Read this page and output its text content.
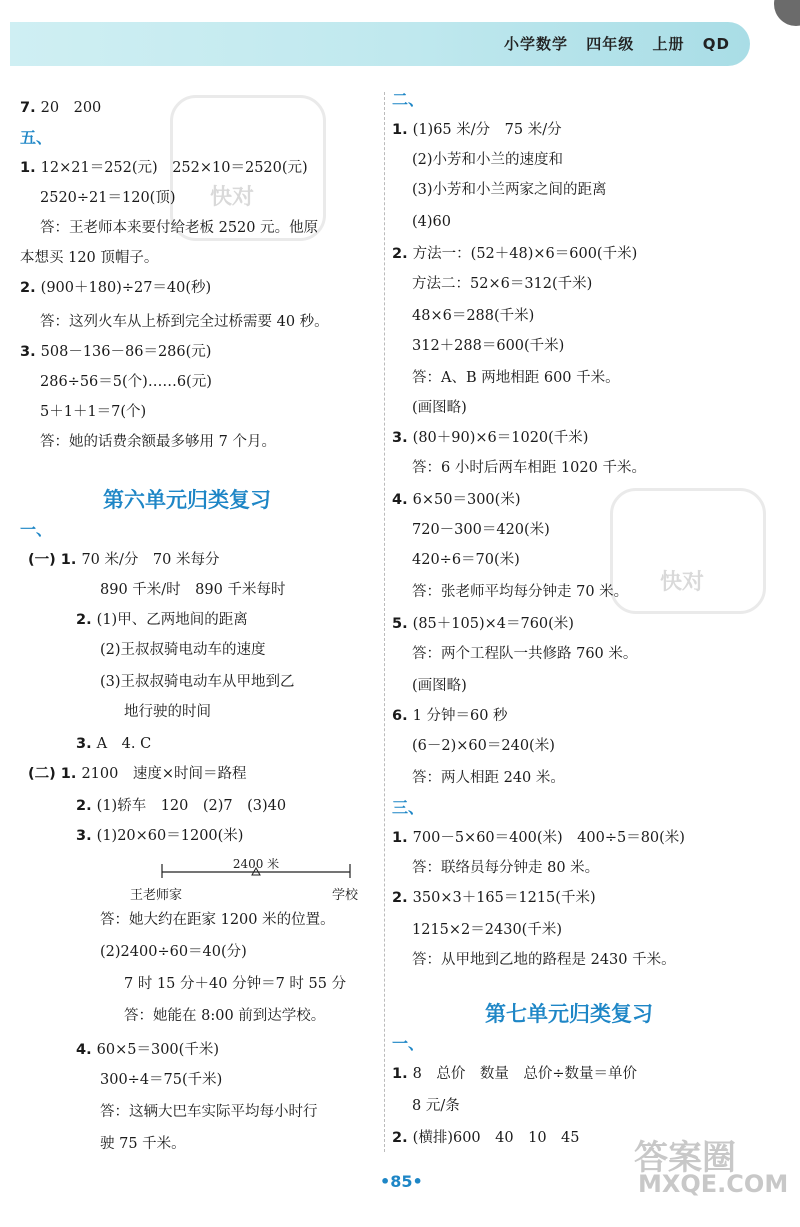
小学数学 四年级 上册 QD
快对
快对
7. 20　200
五、
1. 12×21＝252(元)　252×10＝2520(元)
2520÷21＝120(顶)
答：王老师本来要付给老板 2520 元。他原
本想买 120 顶帽子。
2. (900＋180)÷27＝40(秒)
答：这列火车从上桥到完全过桥需要 40 秒。
3. 508－136－86＝286(元)
286÷56＝5(个)……6(元)
5＋1＋1＝7(个)
答：她的话费余额最多够用 7 个月。
一、
(一) 1. 70 米/分　70 米每分
890 千米/时　890 千米每时
2. (1)甲、乙两地间的距离
(2)王叔叔骑电动车的速度
(3)王叔叔骑电动车从甲地到乙
地行驶的时间
3. A　4. C
(二) 1. 2100　速度×时间＝路程
2. (1)轿车　120　(2)7　(3)40
3. (1)20×60＝1200(米)
答：她大约在距家 1200 米的位置。
(2)2400÷60＝40(分)
7 时 15 分＋40 分钟＝7 时 55 分
答：她能在 8:00 前到达学校。
4. 60×5＝300(千米)
300÷4＝75(千米)
答：这辆大巴车实际平均每小时行
驶 75 千米。
二、
1. (1)65 米/分　75 米/分
(2)小芳和小兰的速度和
(3)小芳和小兰两家之间的距离
(4)60
2. 方法一：(52＋48)×6＝600(千米)
方法二：52×6＝312(千米)
48×6＝288(千米)
312＋288＝600(千米)
答：A、B 两地相距 600 千米。
(画图略)
3. (80＋90)×6＝1020(千米)
答：6 小时后两车相距 1020 千米。
4. 6×50＝300(米)
720－300＝420(米)
420÷6＝70(米)
答：张老师平均每分钟走 70 米。
5. (85＋105)×4＝760(米)
答：两个工程队一共修路 760 米。
(画图略)
6. 1 分钟＝60 秒
(6－2)×60＝240(米)
答：两人相距 240 米。
三、
1. 700－5×60＝400(米)　400÷5＝80(米)
答：联络员每分钟走 80 米。
2. 350×3＋165＝1215(千米)
1215×2＝2430(千米)
答：从甲地到乙地的路程是 2430 千米。
一、
1. 8　总价　数量　总价÷数量＝单价
8 元/条
2. (横排)600　40　10　45
第六单元归类复习
第七单元归类复习
2400 米
王老师家	学校
•85•
答案圈
MXQE.COM
